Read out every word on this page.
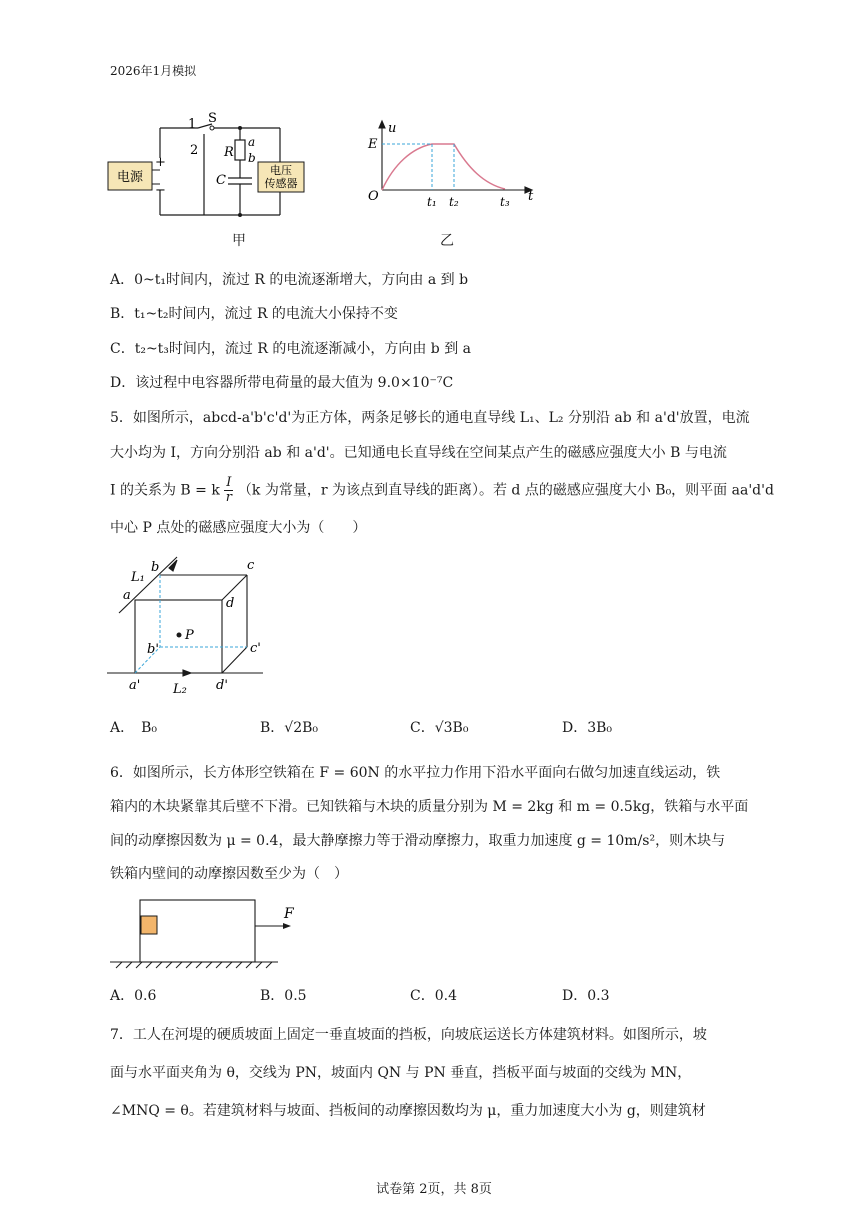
2026年1月模拟
电源
+
−
电压
传感器
1
2
S
R
a
b
C
甲
u
t
E
O	t₁ t₂	t₃
乙
A．0~t₁时间内，流过 R 的电流逐渐增大，方向由 a 到 b
B．t₁~t₂时间内，流过 R 的电流大小保持不变
C．t₂~t₃时间内，流过 R 的电流逐渐减小，方向由 b 到 a
D．该过程中电容器所带电荷量的最大值为 9.0×10⁻⁷C
5．如图所示，abcd-a'b'c'd'为正方体，两条足够长的通电直导线 L₁、L₂ 分别沿 ab 和 a'd'放置，电流
大小均为 I，方向分别沿 ab 和 a'd'。已知通电长直导线在空间某点产生的磁感应强度大小 B 与电流
I 的关系为 B = k $\frac{I}{r} (k$ 为常量，r 为该点到直导线的距离）。若 d 点的磁感应强度大小 B₀，则平面 aa'd'd
中心 P 点处的磁感应强度大小为（　　）
P
a
b	c
d
a'
b'	c'
d'
L₁
L₂
A．　B₀	B．√2B₀	C．√3B₀	D．3B₀
6．如图所示，长方体形空铁箱在 F = 60N 的水平拉力作用下沿水平面向右做匀加速直线运动，铁
箱内的木块紧靠其后壁不下滑。已知铁箱与木块的质量分别为 M = 2kg 和 m = 0.5kg，铁箱与水平面
间的动摩擦因数为 μ = 0.4，最大静摩擦力等于滑动摩擦力，取重力加速度 g = 10m/s²，则木块与
铁箱内壁间的动摩擦因数至少为（　）
F
A．0.6	B．0.5	C．0.4	D．0.3
7．工人在河堤的硬质坡面上固定一垂直坡面的挡板，向坡底运送长方体建筑材料。如图所示，坡
面与水平面夹角为 θ，交线为 PN，坡面内 QN 与 PN 垂直，挡板平面与坡面的交线为 MN，
∠MNQ = θ。若建筑材料与坡面、挡板间的动摩擦因数均为 μ，重力加速度大小为 g，则建筑材
试卷第 2页，共 8页
